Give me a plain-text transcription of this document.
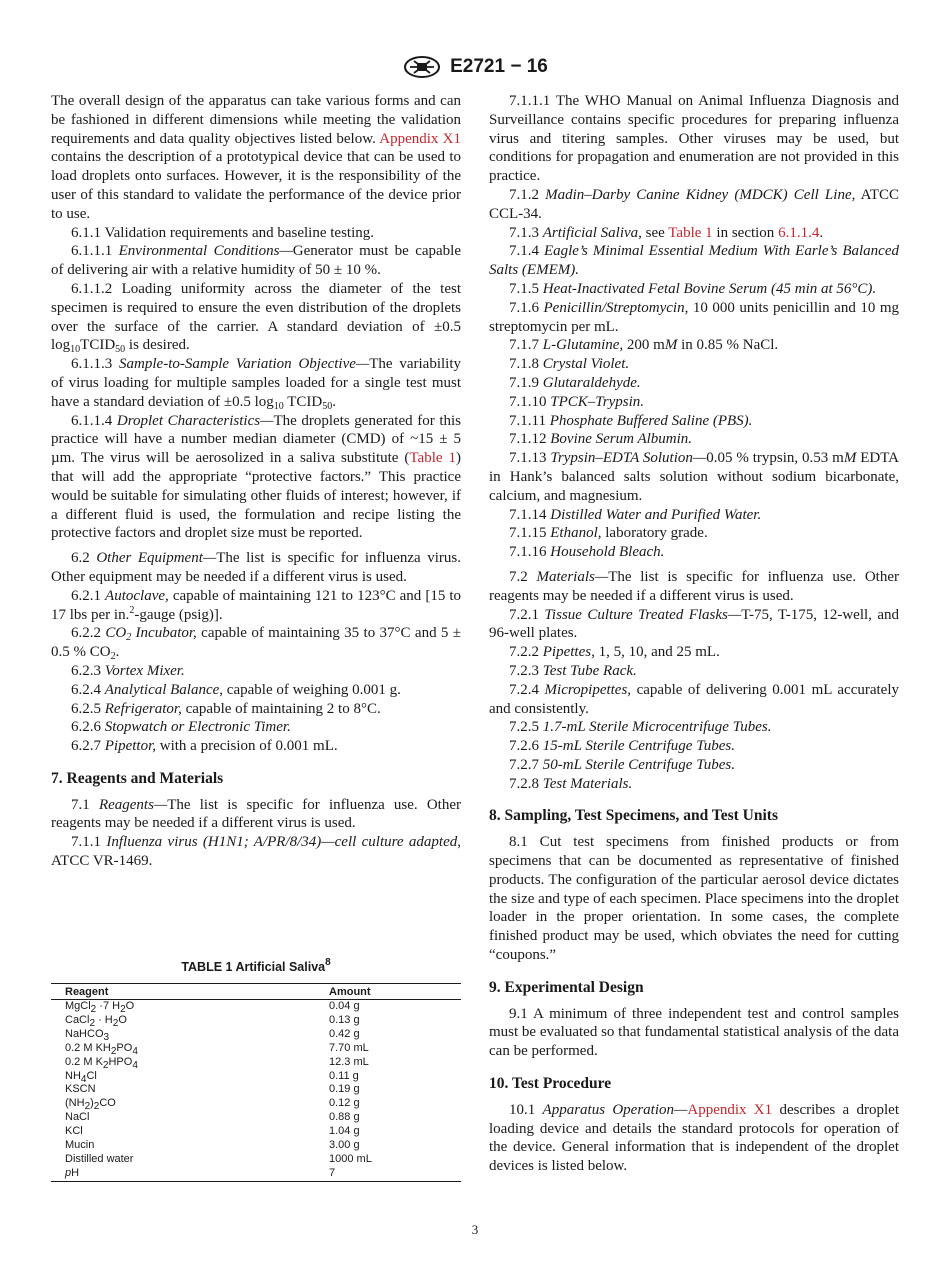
E2721 − 16

The overall design of the apparatus can take various forms and can be fashioned in different dimensions while meeting the validation requirements and data quality objectives listed below. Appendix X1 contains the description of a prototypical device that can be used to load droplets onto surfaces. However, it is the responsibility of the user of this standard to validate the performance of the device prior to use.

6.1.1 Validation requirements and baseline testing.

6.1.1.1 Environmental Conditions—Generator must be capable of delivering air with a relative humidity of 50 ± 10 %.

6.1.1.2 Loading uniformity across the diameter of the test specimen is required to ensure the even distribution of the droplets over the surface of the carrier. A standard deviation of ±0.5 $\log_{10}TCID_{50}$ is desired.

6.1.1.3 Sample-to-Sample Variation Objective—The variability of virus loading for multiple samples loaded for a single test must have a standard deviation of ±0.5 $\log_{10}$ $TCID_{50}$.

6.1.1.4 Droplet Characteristics—The droplets generated for this practice will have a number median diameter (CMD) of ~15 ± 5 µm. The virus will be aerosolized in a saliva substitute (Table 1) that will add the appropriate “protective factors.” This practice would be suitable for simulating other fluids of interest; however, if a different fluid is used, the formulation and recipe listing the protective factors and droplet size must be reported.

6.2 Other Equipment—The list is specific for influenza virus. Other equipment may be needed if a different virus is used.

6.2.1 Autoclave, capable of maintaining 121 to 123°C and [15 to 17 lbs per in.$^2$-gauge (psig)].

6.2.2 $CO_2$ Incubator, capable of maintaining 35 to 37°C and 5 ± 0.5 % $CO_2$.

6.2.3 Vortex Mixer.

6.2.4 Analytical Balance, capable of weighing 0.001 g.

6.2.5 Refrigerator, capable of maintaining 2 to 8°C.

6.2.6 Stopwatch or Electronic Timer.

6.2.7 Pipettor, with a precision of 0.001 mL.

7. Reagents and Materials

7.1 Reagents—The list is specific for influenza use. Other reagents may be needed if a different virus is used.

7.1.1 Influenza virus (H1N1; A/PR/8/34)—cell culture adapted, ATCC VR-1469.

TABLE 1 Artificial Saliva$^8$
Reagent	Amount
MgCl$_2$ ·7 $H_2O$	0.04 g
CaCl$_2$ · $H_2O$	0.13 g
NaHCO$_3$	0.42 g
0.2 M $KH_2PO_4$	7.70 mL
0.2 M $K_2HPO_4$	12.3 mL
$NH_4Cl$	0.11 g
KSCN	0.19 g
$(NH_2)_2CO$	0.12 g
NaCl	0.88 g
KCl	1.04 g
Mucin	3.00 g
Distilled water	1000 mL
pH	7

7.1.1.1 The WHO Manual on Animal Influenza Diagnosis and Surveillance contains specific procedures for preparing influenza virus and titering samples. Other viruses may be used, but conditions for propagation and enumeration are not provided in this practice.

7.1.2 Madin–Darby Canine Kidney (MDCK) Cell Line, ATCC CCL-34.

7.1.3 Artificial Saliva, see Table 1 in section 6.1.1.4.

7.1.4 Eagle’s Minimal Essential Medium With Earle’s Balanced Salts (EMEM).

7.1.5 Heat-Inactivated Fetal Bovine Serum (45 min at 56°C).

7.1.6 Penicillin/Streptomycin, 10 000 units penicillin and 10 mg streptomycin per mL.

7.1.7 L-Glutamine, 200 mM in 0.85 % NaCl.

7.1.8 Crystal Violet.

7.1.9 Glutaraldehyde.

7.1.10 TPCK–Trypsin.

7.1.11 Phosphate Buffered Saline (PBS).

7.1.12 Bovine Serum Albumin.

7.1.13 Trypsin–EDTA Solution—0.05 % trypsin, 0.53 mM EDTA in Hank’s balanced salts solution without sodium bicarbonate, calcium, and magnesium.

7.1.14 Distilled Water and Purified Water.

7.1.15 Ethanol, laboratory grade.

7.1.16 Household Bleach.

7.2 Materials—The list is specific for influenza use. Other reagents may be needed if a different virus is used.

7.2.1 Tissue Culture Treated Flasks—T-75, T-175, 12-well, and 96-well plates.

7.2.2 Pipettes, 1, 5, 10, and 25 mL.

7.2.3 Test Tube Rack.

7.2.4 Micropipettes, capable of delivering 0.001 mL accurately and consistently.

7.2.5 1.7-mL Sterile Microcentrifuge Tubes.

7.2.6 15-mL Sterile Centrifuge Tubes.

7.2.7 50-mL Sterile Centrifuge Tubes.

7.2.8 Test Materials.

8. Sampling, Test Specimens, and Test Units

8.1 Cut test specimens from finished products or from specimens that can be documented as representative of finished products. The configuration of the particular aerosol device dictates the size and type of each specimen. Place specimens into the droplet loader in the proper orientation. In some cases, the complete finished product may be used, which obviates the need for cutting “coupons.”

9. Experimental Design

9.1 A minimum of three independent test and control samples must be evaluated so that fundamental statistical analysis of the data can be performed.

10. Test Procedure

10.1 Apparatus Operation—Appendix X1 describes a droplet loading device and details the standard protocols for operation of the device. General information that is independent of the droplet devices is listed below.

3
